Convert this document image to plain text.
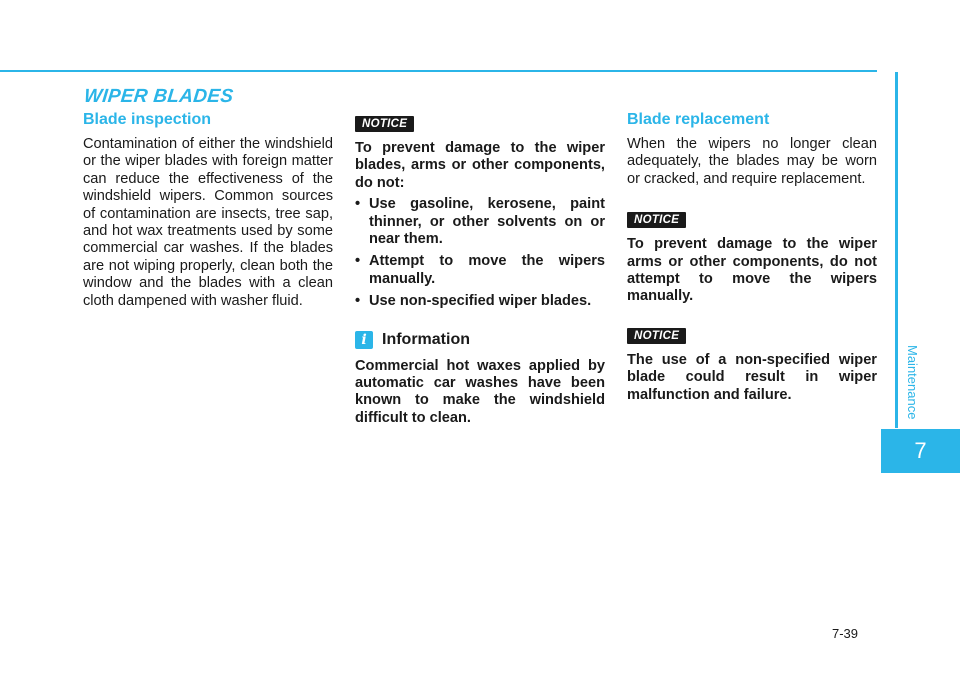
WIPER BLADES
Blade inspection

Contamination of either the windshield or the wiper blades with foreign matter can reduce the effectiveness of the windshield wipers. Common sources of contamination are insects, tree sap, and hot wax treatments used by some commercial car washes. If the blades are not wiping properly, clean both the window and the blades with a clean cloth dampened with washer fluid.

NOTICE

To prevent damage to the wiper blades, arms or other components, do not:

• Use gasoline, kerosene, paint thinner, or other solvents on or near them.
• Attempt to move the wipers manually.
• Use non-specified wiper blades.
i Information

Commercial hot waxes applied by automatic car washes have been known to make the windshield difficult to clean.

Blade replacement

When the wipers no longer clean adequately, the blades may be worn or cracked, and require replacement.

NOTICE

To prevent damage to the wiper arms or other components, do not attempt to move the wipers manually.

NOTICE

The use of a non-specified wiper blade could result in wiper malfunction and failure.	Maintenance
7
7-39
